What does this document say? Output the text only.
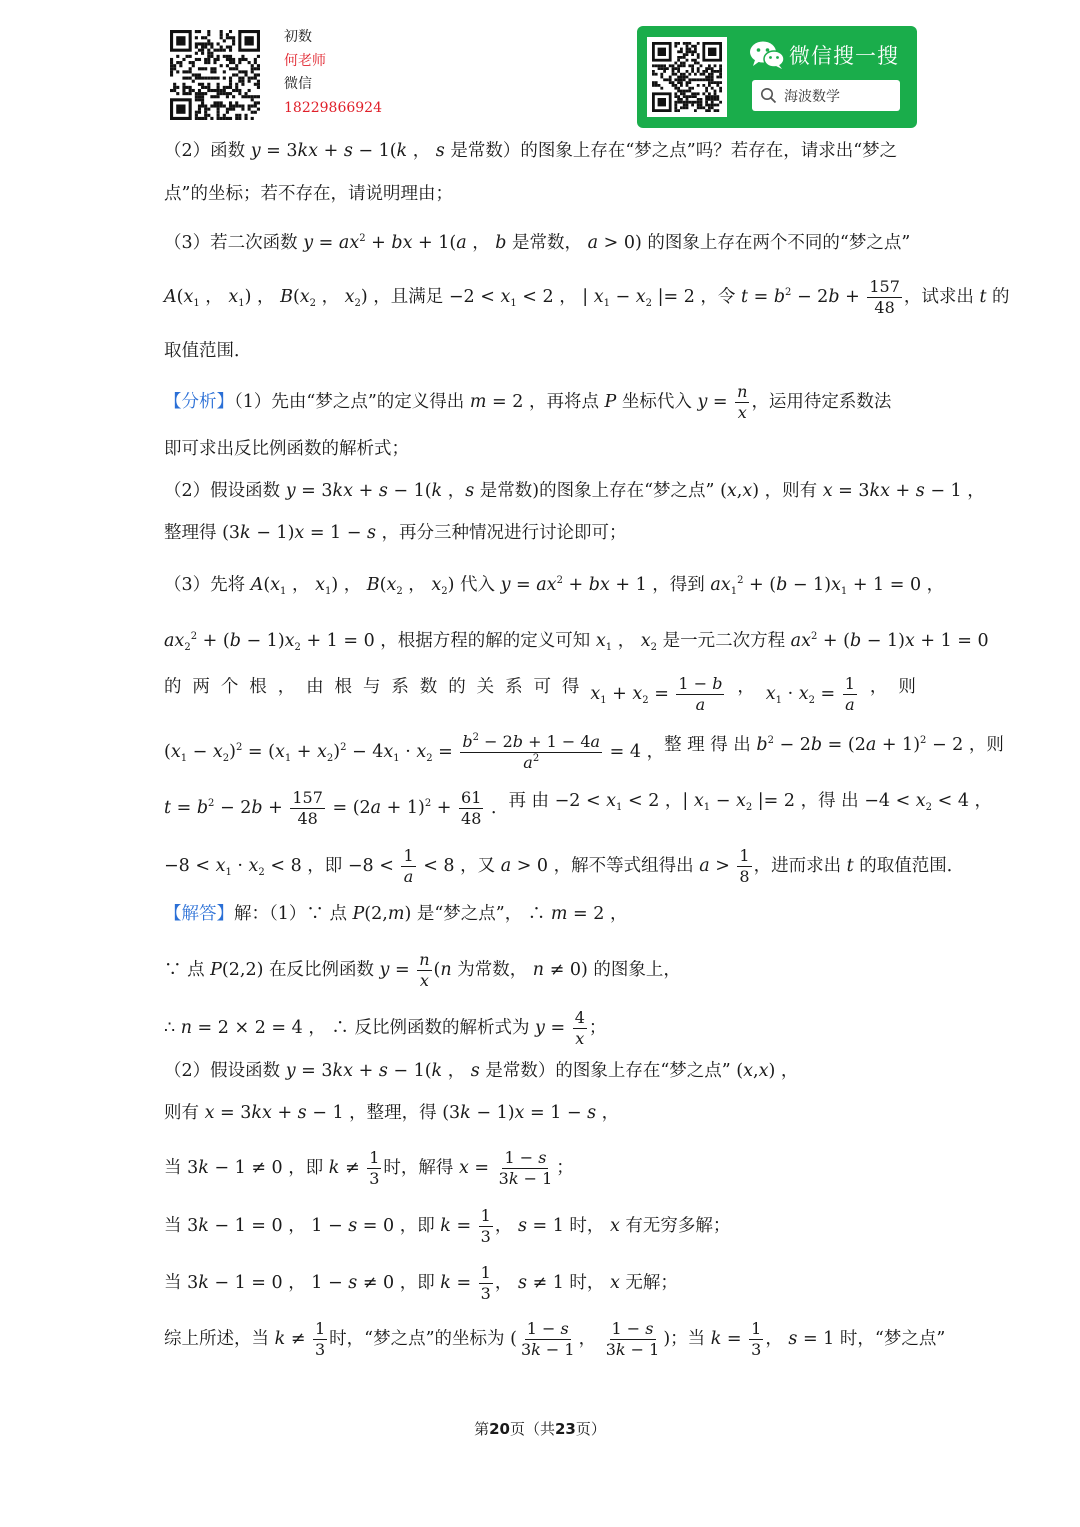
初数
何老师
微信
18229866924
微信搜一搜
海波数学
（2）函数 y = 3kx + s − 1(k ， s 是常数）的图象上存在“梦之点”吗？若存在，请求出“梦之
点”的坐标；若不存在，请说明理由；
（3）若二次函数 $y = ax^2$ + bx + 1(a ， b 是常数， a > 0) 的图象上存在两个不同的“梦之点”
$A(x_1$ ， $x_1$) ， $B(x_2$ ， $x_2$) ，且满足 $-2 < x_1 < 2$ ， | $x_1 - x_2$ |= 2 ，令 $t = b^2 - 2b + \frac{157}{48}$ ，试求出 t 的
取值范围．
【分析】（1）先由“梦之点”的定义得出 m = 2 ，再将点 P 坐标代入 $y = \frac{n}{x}$ ，运用待定系数法
即可求出反比例函数的解析式；
（2）假设函数 y = 3kx + s − 1(k ，s 是常数)的图象上存在“梦之点” (x,x) ，则有 x = 3kx + s − 1 ，
整理得 (3k − 1)x = 1 − s ，再分三种情况进行讨论即可；
（3）先将 $A(x_1$ ， $x_1$) ， $B(x_2$ ， $x_2$) 代入 $y = ax^2$ + bx + 1 ，得到 $ax_1^2 + (b - 1)x_1 + 1 = 0$ ，
$ax_2^2 + (b - 1)x_2 + 1 = 0$ ，根据方程的解的定义可知 $x_1$ ， $x_2$ 是一元二次方程 $ax^2 + (b - 1)x + 1 = 0$
的 两 个 根 ， 由 根 与 系 数 的 关 系 可 得 $x_1 + x_2 = \frac{1 - b}{a}$ ， $x_1 \cdot x_2 = \frac{1}{a}$ ， 则
$(x_1 - x_2)^2 = (x_1 + x_2)^2 - 4x_1 \cdot x_2 = \frac{b^2 - 2b + 1 - 4a}{a^2} = 4$ ， 整 理 得 出 $b^2 - 2b = (2a + 1)^2 - 2$ ， 则
$t = b^2 - 2b + \frac{157}{48} = (2a + 1)^2 + \frac{61}{48}$ ． 再 由 $-2 < x_1 < 2$ ， | $x_1 - x_2$ |= 2 ， 得 出 $-4 < x_2 < 4$ ，
$-8 < x_1 \cdot x_2 < 8$ ，即 $-8 < \frac{1}{a} < 8$ ，又 a > 0 ，解不等式组得出 $a > \frac{1}{8}$ ，进而求出 t 的取值范围．
【解答】解：（1）∵ 点 P(2,m) 是“梦之点”， ∴ m = 2 ，
∵ 点 P(2,2) 在反比例函数 $y = \frac{n}{x} (n$ 为常数， n ≠ 0) 的图象上，
∴ n = 2 × 2 = 4 ， ∴ 反比例函数的解析式为 $y = \frac{4}{x}$ ；
（2）假设函数 y = 3kx + s − 1(k ， s 是常数）的图象上存在“梦之点” (x,x) ，
则有 x = 3kx + s − 1 ，整理，得 (3k − 1)x = 1 − s ，
当 3k − 1 ≠ 0 ，即 $k \ne \frac{1}{3}$ 时，解得 $x = \frac{1 - s}{3k - 1}$ ；
当 3k − 1 = 0 ， 1 − s = 0 ，即 $k = \frac{1}{3}$ ， s = 1 时， x 有无穷多解；
当 3k − 1 = 0 ， 1 − s ≠ 0 ，即 $k = \frac{1}{3}$ ， s ≠ 1 时， x 无解；
综上所述，当 $k \ne \frac{1}{3}$ 时，“梦之点”的坐标为 ( $\frac{1 - s}{3k - 1}$ ， $\frac{1 - s}{3k - 1}$ )；当 $k = \frac{1}{3}$ ， s = 1 时，“梦之点”
第20页（共23页）
